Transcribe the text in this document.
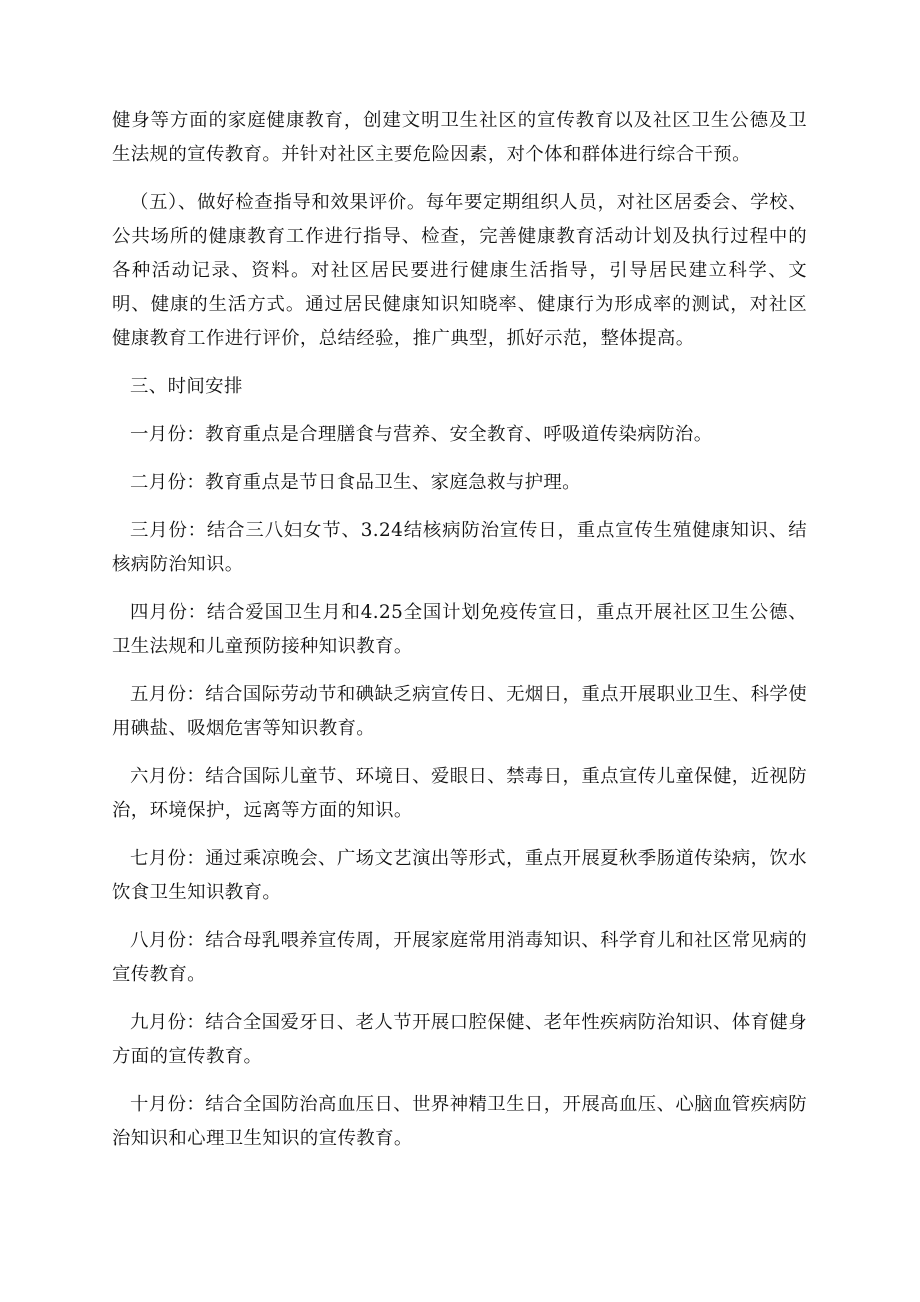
健身等方面的家庭健康教育，创建文明卫生社区的宣传教育以及社区卫生公德及卫生法规的宣传教育。并针对社区主要危险因素，对个体和群体进行综合干预。

（五）、做好检查指导和效果评价。每年要定期组织人员，对社区居委会、学校、公共场所的健康教育工作进行指导、检查，完善健康教育活动计划及执行过程中的各种活动记录、资料。对社区居民要进行健康生活指导，引导居民建立科学、文明、健康的生活方式。通过居民健康知识知晓率、健康行为形成率的测试，对社区健康教育工作进行评价，总结经验，推广典型，抓好示范，整体提高。

三、时间安排

一月份：教育重点是合理膳食与营养、安全教育、呼吸道传染病防治。

二月份：教育重点是节日食品卫生、家庭急救与护理。

三月份：结合三八妇女节、3.24结核病防治宣传日，重点宣传生殖健康知识、结核病防治知识。

四月份：结合爱国卫生月和4.25全国计划免疫传宣日，重点开展社区卫生公德、卫生法规和儿童预防接种知识教育。

五月份：结合国际劳动节和碘缺乏病宣传日、无烟日，重点开展职业卫生、科学使用碘盐、吸烟危害等知识教育。

六月份：结合国际儿童节、环境日、爱眼日、禁毒日，重点宣传儿童保健，近视防治，环境保护，远离等方面的知识。

七月份：通过乘凉晚会、广场文艺演出等形式，重点开展夏秋季肠道传染病，饮水饮食卫生知识教育。

八月份：结合母乳喂养宣传周，开展家庭常用消毒知识、科学育儿和社区常见病的宣传教育。

九月份：结合全国爱牙日、老人节开展口腔保健、老年性疾病防治知识、体育健身方面的宣传教育。

十月份：结合全国防治高血压日、世界神精卫生日，开展高血压、心脑血管疾病防治知识和心理卫生知识的宣传教育。
